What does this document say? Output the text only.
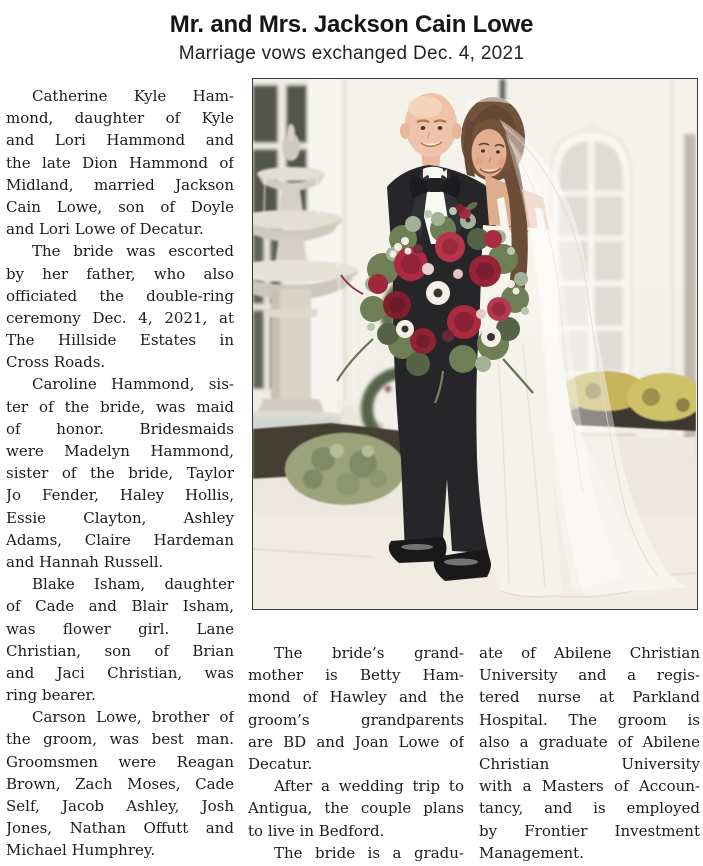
Mr. and Mrs. Jackson Cain Lowe
Marriage vows exchanged Dec. 4, 2021
Catherine Kyle Ham-
mond, daughter of Kyle
and Lori Hammond and
the late Dion Hammond of
Midland, married Jackson
Cain Lowe, son of Doyle
and Lori Lowe of Decatur.
The bride was escorted
by her father, who also
officiated the double-ring
ceremony Dec. 4, 2021, at
The Hillside Estates in
Cross Roads.
Caroline Hammond, sis-
ter of the bride, was maid
of honor. Bridesmaids
were Madelyn Hammond,
sister of the bride, Taylor
Jo Fender, Haley Hollis,
Essie Clayton, Ashley
Adams, Claire Hardeman
and Hannah Russell.
Blake Isham, daughter
of Cade and Blair Isham,
was flower girl. Lane
Christian, son of Brian
and Jaci Christian, was
ring bearer.
Carson Lowe, brother of
the groom, was best man.
Groomsmen were Reagan
Brown, Zach Moses, Cade
Self, Jacob Ashley, Josh
Jones, Nathan Offutt and
Michael Humphrey.
The bride’s grand-
mother is Betty Ham-
mond of Hawley and the
groom’s grandparents
are BD and Joan Lowe of
Decatur.
After a wedding trip to
Antigua, the couple plans
to live in Bedford.
The bride is a gradu-
ate of Abilene Christian
University and a regis-
tered nurse at Parkland
Hospital. The groom is
also a graduate of Abilene
Christian University
with a Masters of Accoun-
tancy, and is employed
by Frontier Investment
Management.
